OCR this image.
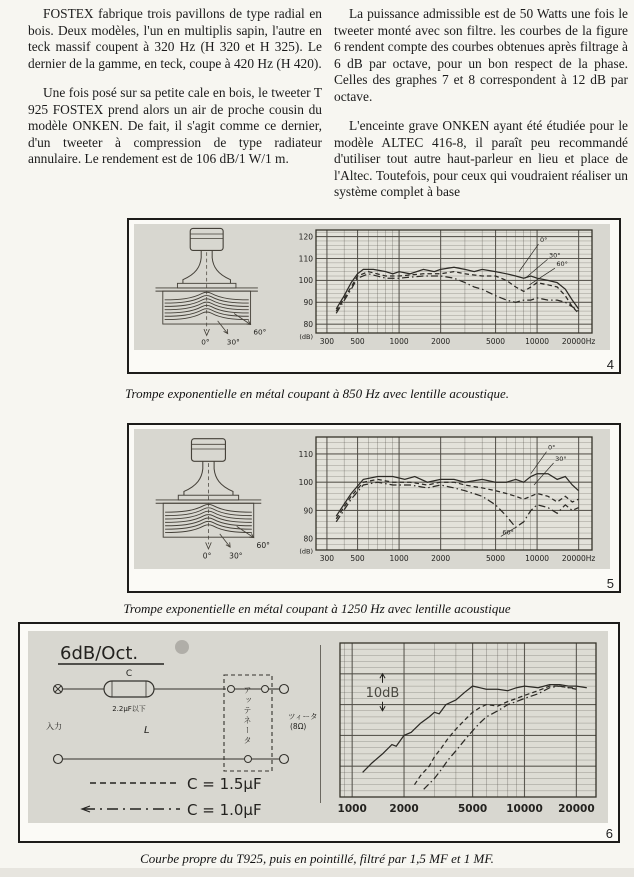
FOSTEX fabrique trois pavillons de type radial en bois. Deux modèles, l'un en multiplis sapin, l'autre en teck massif coupent à 320 Hz (H 320 et H 325). Le dernier de la gamme, en teck, coupe à 420 Hz (H 420).

Une fois posé sur sa petite cale en bois, le tweeter T 925 FOSTEX prend alors un air de proche cousin du modèle ONKEN. De fait, il s'agit comme ce dernier, d'un tweeter à compression de type radiateur annulaire. Le rendement est de 106 dB/1 W/1 m.

La puissance admissible est de 50 Watts une fois le tweeter monté avec son filtre. les courbes de la figure 6 rendent compte des courbes obtenues après filtrage à 6 dB par octave, pour un bon respect de la phase. Celles des graphes 7 et 8 correspondent à 12 dB par octave.

L'enceinte grave ONKEN ayant été étudiée pour le modèle ALTEC 416-8, il paraît peu recommandé d'utiliser tout autre haut-parleur en lieu et place de l'Altec. Toutefois, pour ceux qui voudraient réaliser un système complet à base

0° 30°
60°
120
110
100
90
80
(dB) 300 500	1000	2000	5000	10000 20000Hz
0°
30°
60°
4
Trompe exponentielle en métal coupant à 850 Hz avec lentille acoustique.
0° 30°
60°
110
100
90
80
(dB)
300 500	1000	2000	5000	10000 20000Hz
0°
30°
60°
5
Trompe exponentielle en métal coupant à 1250 Hz avec lentille acoustique
6dB/Oct.
C
2.2µF以下
入力	L
ツィータ
(8Ω)
C = 1.5µF
C = 1.0µF
アッテネータ
1000 2000	5000 10000 20000
10dB
6
Courbe propre du T925, puis en pointillé, filtré par 1,5 MF et 1 MF.
